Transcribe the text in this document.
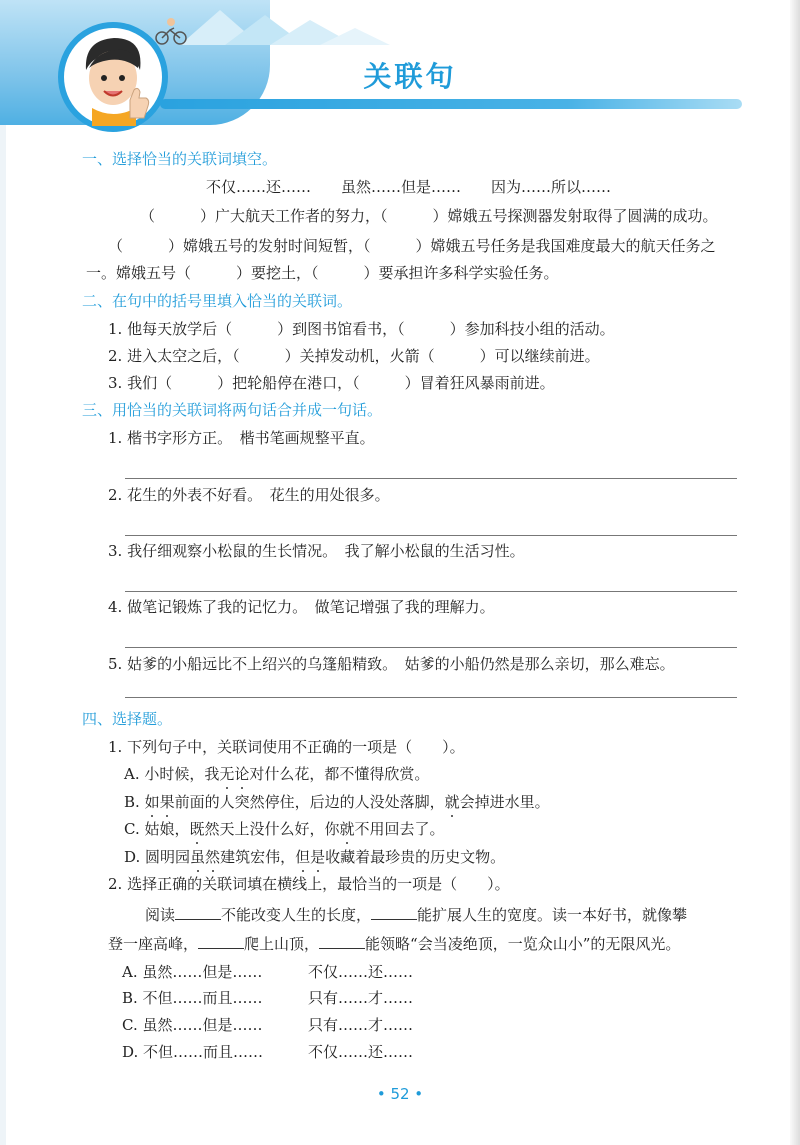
关联句
一、选择恰当的关联词填空。
不仅……还……　　虽然……但是……　　因为……所以……
（　　　）广大航天工作者的努力，（　　　）嫦娥五号探测器发射取得了圆满的成功。
（　　　）嫦娥五号的发射时间短暂，（　　　）嫦娥五号任务是我国难度最大的航天任务之
一。嫦娥五号（　　　）要挖土，（　　　）要承担许多科学实验任务。
二、在句中的括号里填入恰当的关联词。
1. 他每天放学后（　　　）到图书馆看书，（　　　）参加科技小组的活动。
2. 进入太空之后，（　　　）关掉发动机，火箭（　　　）可以继续前进。
3. 我们（　　　）把轮船停在港口，（　　　）冒着狂风暴雨前进。
三、用恰当的关联词将两句话合并成一句话。
1. 楷书字形方正。　楷书笔画规整平直。
2. 花生的外表不好看。　花生的用处很多。
3. 我仔细观察小松鼠的生长情况。　我了解小松鼠的生活习性。
4. 做笔记锻炼了我的记忆力。　做笔记增强了我的理解力。
5. 姑爹的小船远比不上绍兴的乌篷船精致。　姑爹的小船仍然是那么亲切，那么难忘。
四、选择题。
1. 下列句子中，关联词使用不正确的一项是（　　）。
A. 小时候，我无论对什么花，都不懂得欣赏。
B. 如果前面的人突然停住，后边的人没处落脚，就会掉进水里。
C. 姑娘，既然天上没什么好，你就不用回去了。
D. 圆明园虽然建筑宏伟，但是收藏着最珍贵的历史文物。
2. 选择正确的关联词填在横线上，最恰当的一项是（　　）。
阅读	不能改变人生的长度，	能扩展人生的宽度。读一本好书，就像攀
登一座高峰，	爬上山顶，	能领略“会当凌绝顶，一览众山小”的无限风光。
A. 虽然……但是……	不仅……还……
B. 不但……而且……	只有……才……
C. 虽然……但是……	只有……才……
D. 不但……而且……	不仅……还……
• 52 •
